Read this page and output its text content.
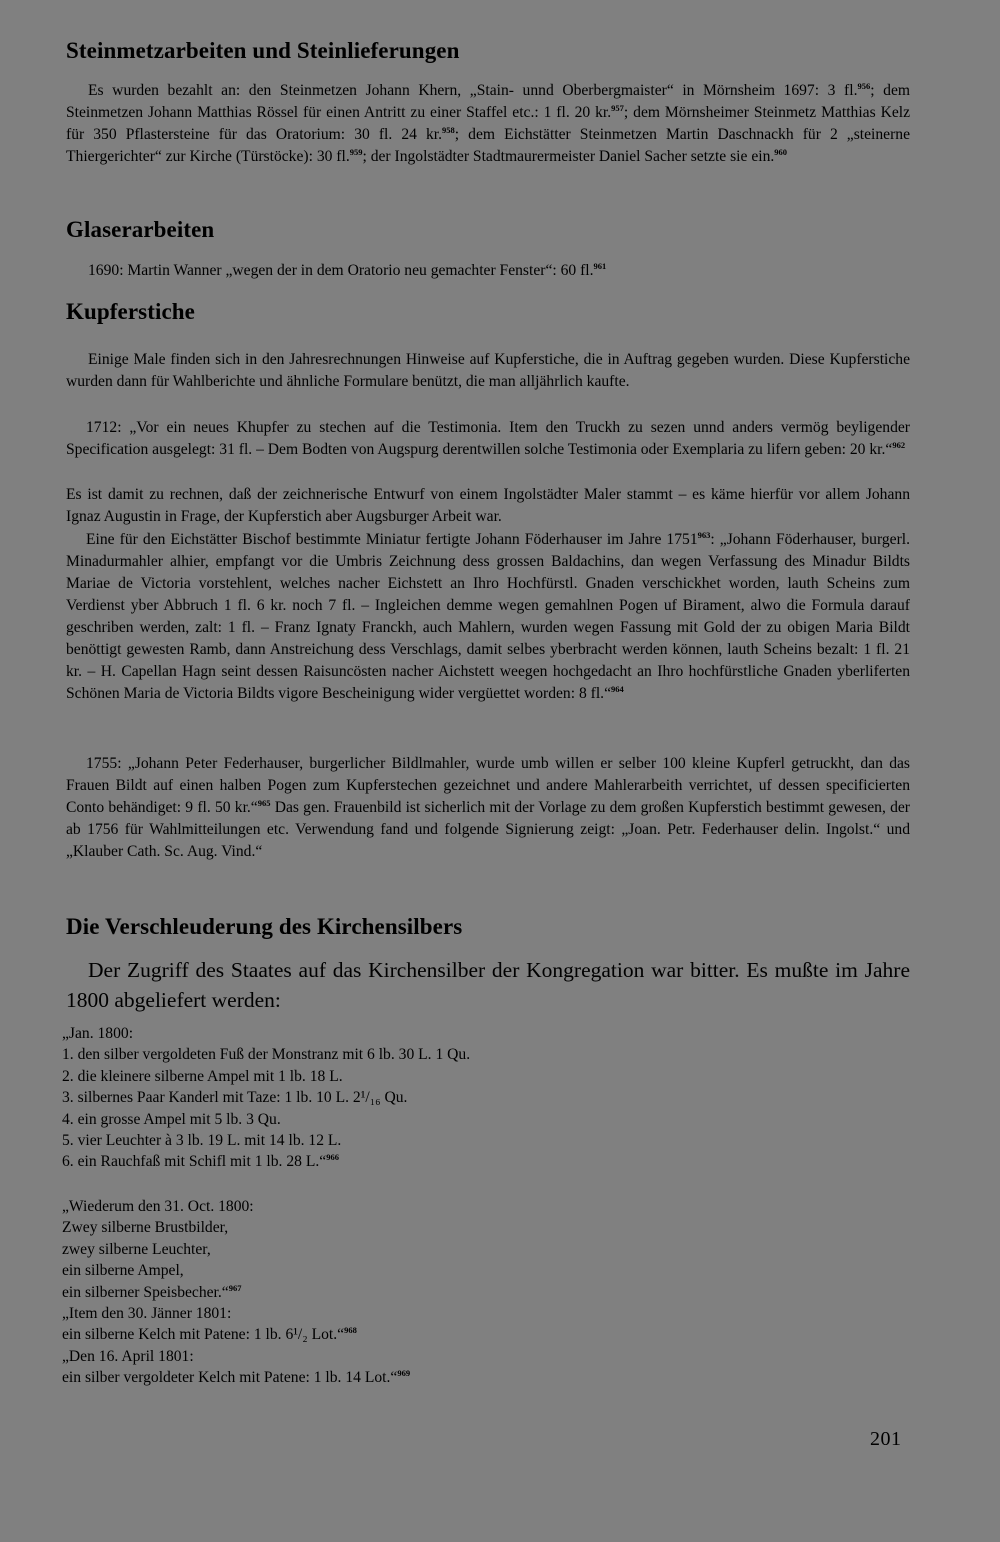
Steinmetzarbeiten und Steinlieferungen
Es wurden bezahlt an: den Steinmetzen Johann Khern, „Stain- unnd Oberbergmaister“ in Mörnsheim 1697: 3 fl.$^{956}$; dem Steinmetzen Johann Matthias Rössel für einen Antritt zu einer Staffel etc.: 1 fl. 20 kr.$^{957}$; dem Mörnsheimer Steinmetz Matthias Kelz für 350 Pflastersteine für das Oratorium: 30 fl. 24 kr.$^{958}$; dem Eichstätter Steinmetzen Martin Daschnackh für 2 „steinerne Thiergerichter“ zur Kirche (Türstöcke): 30 fl.$^{959}$; der Ingolstädter Stadtmaurermeister Daniel Sacher setzte sie ein.$^{960}$
Glaserarbeiten
1690: Martin Wanner „wegen der in dem Oratorio neu gemachter Fenster“: 60 fl.$^{961}$
Kupferstiche
Einige Male finden sich in den Jahresrechnungen Hinweise auf Kupferstiche, die in Auftrag gegeben wurden. Diese Kupferstiche wurden dann für Wahlberichte und ähnliche Formulare benützt, die man alljährlich kaufte.
1712: „Vor ein neues Khupfer zu stechen auf die Testimonia. Item den Truckh zu sezen unnd anders vermög beyligender Specification ausgelegt: 31 fl. – Dem Bodten von Augspurg derentwillen solche Testimonia oder Exemplaria zu lifern geben: 20 kr.“$^{962}$
Es ist damit zu rechnen, daß der zeichnerische Entwurf von einem Ingolstädter Maler stammt – es käme hierfür vor allem Johann Ignaz Augustin in Frage, der Kupferstich aber Augsburger Arbeit war.
Eine für den Eichstätter Bischof bestimmte Miniatur fertigte Johann Föderhauser im Jahre 1751$^{963}$: „Johann Föderhauser, burgerl. Minadurmahler alhier, empfangt vor die Umbris Zeichnung dess grossen Baldachins, dan wegen Verfassung des Minadur Bildts Mariae de Victoria vorstehlent, welches nacher Eichstett an Ihro Hochfürstl. Gnaden verschickhet worden, lauth Scheins zum Verdienst yber Abbruch 1 fl. 6 kr. noch 7 fl. – Ingleichen demme wegen gemahlnen Pogen uf Birament, alwo die Formula darauf geschriben werden, zalt: 1 fl. – Franz Ignaty Franckh, auch Mahlern, wurden wegen Fassung mit Gold der zu obigen Maria Bildt benöttigt gewesten Ramb, dann Anstreichung dess Verschlags, damit selbes yberbracht werden können, lauth Scheins bezalt: 1 fl. 21 kr. – H. Capellan Hagn seint dessen Raisuncösten nacher Aichstett weegen hochgedacht an Ihro hochfürstliche Gnaden yberliferten Schönen Maria de Victoria Bildts vigore Bescheinigung wider vergüettet worden: 8 fl.“$^{964}$
1755: „Johann Peter Federhauser, burgerlicher Bildlmahler, wurde umb willen er selber 100 kleine Kupferl getruckht, dan das Frauen Bildt auf einen halben Pogen zum Kupferstechen gezeichnet und andere Mahlerarbeith verrichtet, uf dessen specificierten Conto behändiget: 9 fl. 50 kr.“$^{965}$ Das gen. Frauenbild ist sicherlich mit der Vorlage zu dem großen Kupferstich bestimmt gewesen, der ab 1756 für Wahlmitteilungen etc. Verwendung fand und folgende Signierung zeigt: „Joan. Petr. Federhauser delin. Ingolst.“ und „Klauber Cath. Sc. Aug. Vind.“
Die Verschleuderung des Kirchensilbers
Der Zugriff des Staates auf das Kirchensilber der Kongregation war bitter. Es mußte im Jahre 1800 abgeliefert werden:
„Jan. 1800:
1. den silber vergoldeten Fuß der Monstranz mit 6 lb. 30 L. 1 Qu.
2. die kleinere silberne Ampel mit 1 lb. 18 L.
3. silbernes Paar Kanderl mit Taze: 1 lb. 10 L. 2¹/₁₆ Qu.
4. ein grosse Ampel mit 5 lb. 3 Qu.
5. vier Leuchter à 3 lb. 19 L. mit 14 lb. 12 L.
6. ein Rauchfaß mit Schifl mit 1 lb. 28 L.“$^{966}$
„Wiederum den 31. Oct. 1800:
Zwey silberne Brustbilder,
zwey silberne Leuchter,
ein silberne Ampel,
ein silberner Speisbecher.“$^{967}$
„Item den 30. Jänner 1801:
ein silberne Kelch mit Patene: 1 lb. 6¹/₂ Lot.“$^{968}$
„Den 16. April 1801:
ein silber vergoldeter Kelch mit Patene: 1 lb. 14 Lot.“$^{969}$
201
